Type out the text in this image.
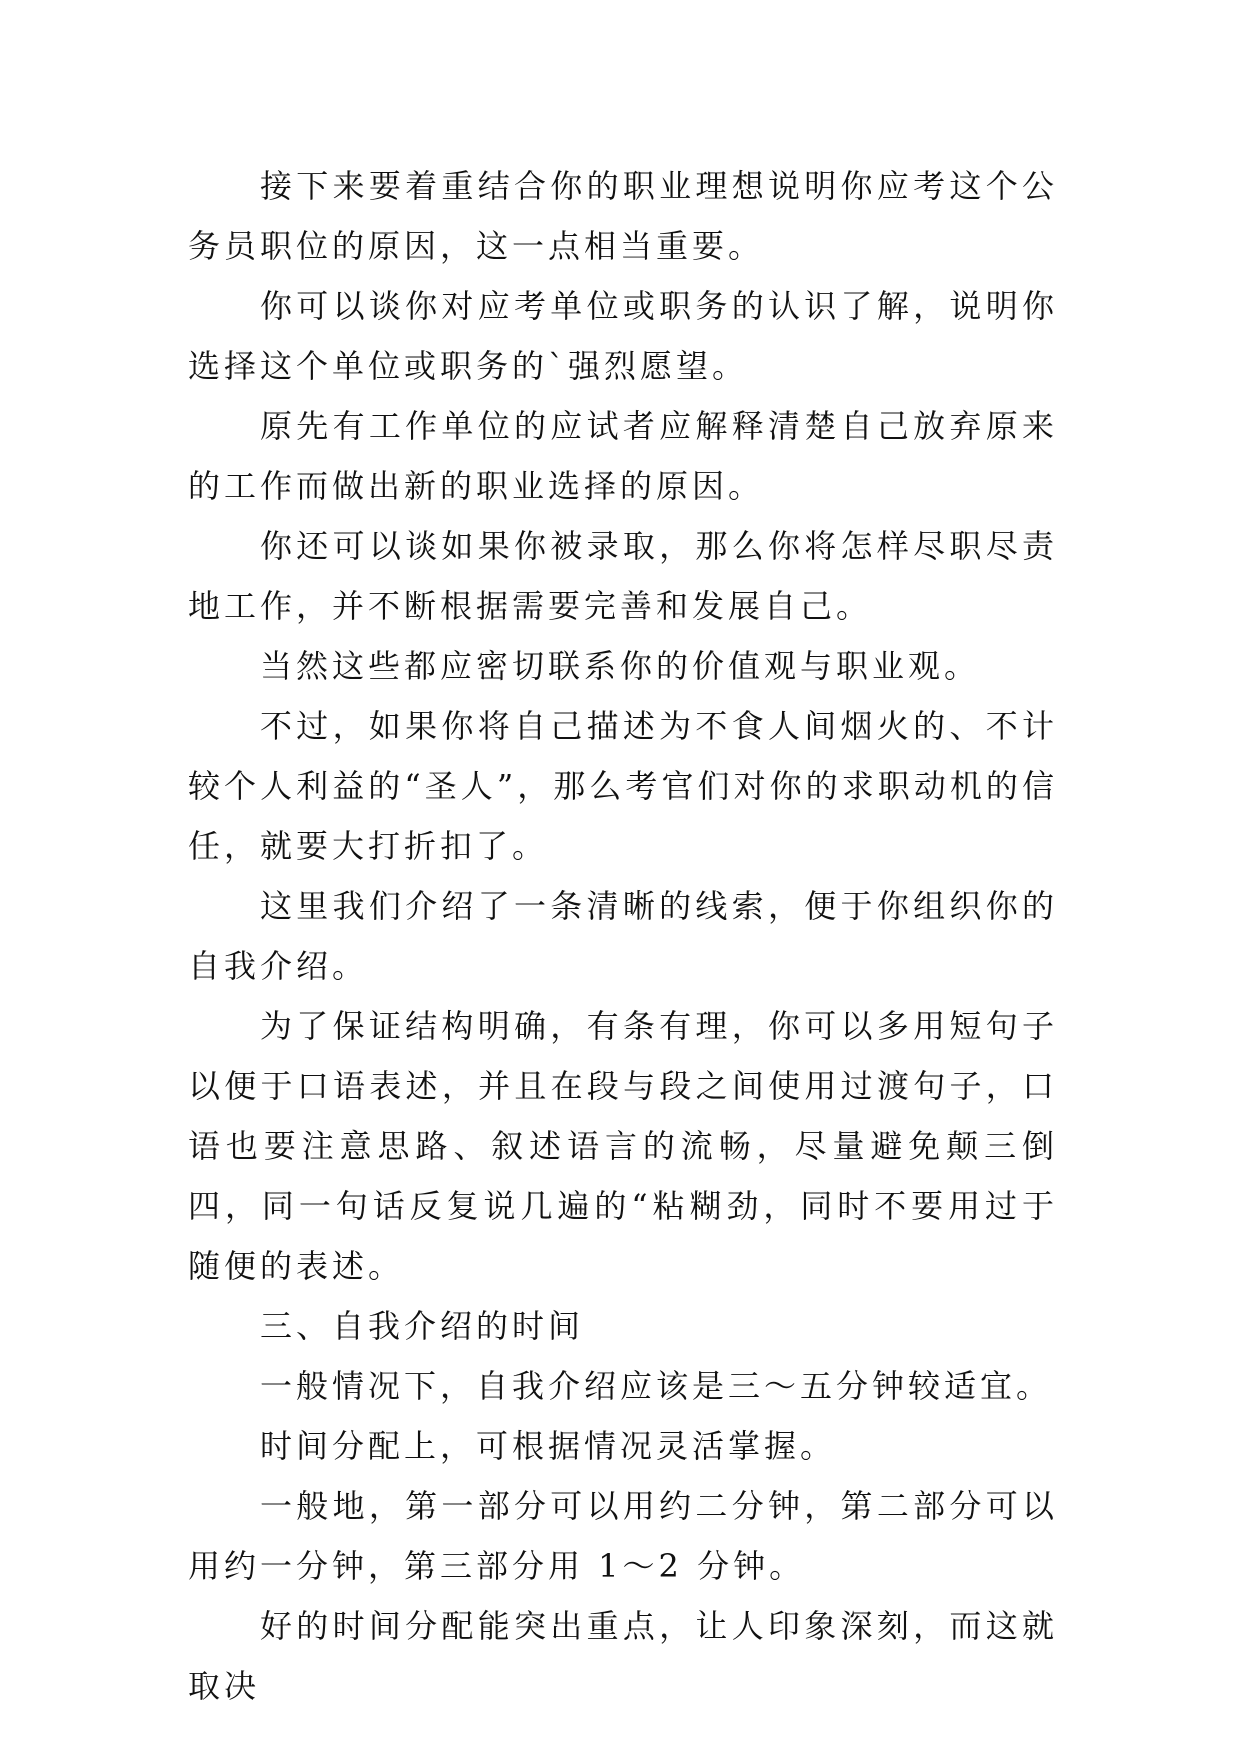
接下来要着重结合你的职业理想说明你应考这个公务员职位的原因，这一点相当重要。

你可以谈你对应考单位或职务的认识了解，说明你选择这个单位或职务的`强烈愿望。

原先有工作单位的应试者应解释清楚自己放弃原来的工作而做出新的职业选择的原因。

你还可以谈如果你被录取，那么你将怎样尽职尽责地工作，并不断根据需要完善和发展自己。

当然这些都应密切联系你的价值观与职业观。

不过，如果你将自己描述为不食人间烟火的、不计较个人利益的“圣人”，那么考官们对你的求职动机的信任，就要大打折扣了。

这里我们介绍了一条清晰的线索，便于你组织你的自我介绍。

为了保证结构明确，有条有理，你可以多用短句子以便于口语表述，并且在段与段之间使用过渡句子，口语也要注意思路、叙述语言的流畅，尽量避免颠三倒四，同一句话反复说几遍的“粘糊劲，同时不要用过于随便的表述。

三、自我介绍的时间

一般情况下，自我介绍应该是三～五分钟较适宜。

时间分配上，可根据情况灵活掌握。

一般地，第一部分可以用约二分钟，第二部分可以用约一分钟，第三部分用 1～2 分钟。

好的时间分配能突出重点，让人印象深刻，而这就取决
